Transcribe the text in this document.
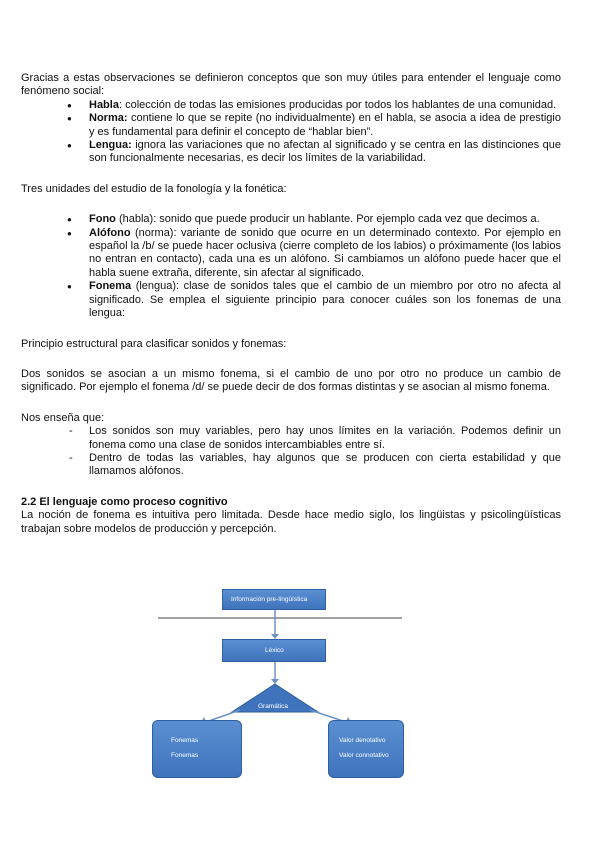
Gracias a estas observaciones se definieron conceptos que son muy útiles para entender el lenguaje como fenómeno social:

● Habla: colección de todas las emisiones producidas por todos los hablantes de una comunidad.
● Norma: contiene lo que se repite (no individualmente) en el habla, se asocia a idea de prestigio y es fundamental para definir el concepto de “hablar bien”.
● Lengua: ignora las variaciones que no afectan al significado y se centra en las distinciones que son funcionalmente necesarias, es decir los límites de la variabilidad.

Tres unidades del estudio de la fonología y la fonética:

● Fono (habla): sonido que puede producir un hablante. Por ejemplo cada vez que decimos a.
● Alófono (norma): variante de sonido que ocurre en un determinado contexto. Por ejemplo en español la /b/ se puede hacer oclusiva (cierre completo de los labios) o próximamente (los labios no entran en contacto), cada una es un alófono. Si cambiamos un alófono puede hacer que el habla suene extraña, diferente, sin afectar al significado.
● Fonema (lengua): clase de sonidos tales que el cambio de un miembro por otro no afecta al significado. Se emplea el siguiente principio para conocer cuáles son los fonemas de una lengua:

Principio estructural para clasificar sonidos y fonemas:

Dos sonidos se asocian a un mismo fonema, si el cambio de uno por otro no produce un cambio de significado. Por ejemplo el fonema /d/ se puede decir de dos formas distintas y se asocian al mismo fonema.

Nos enseña que:

- Los sonidos son muy variables, pero hay unos límites en la variación. Podemos definir un fonema como una clase de sonidos intercambiables entre sí.
- Dentro de todas las variables, hay algunos que se producen con cierta estabilidad y que llamamos alófonos.
2.2 El lenguaje como proceso cognitivo

La noción de fonema es intuitiva pero limitada. Desde hace medio siglo, los lingüistas y psicolingüísticas trabajan sobre modelos de producción y percepción.

Información pre-lingüística
Léxico
Gramática
Fonemas
Fonemas
Valor denotativo
Valor connotativo
